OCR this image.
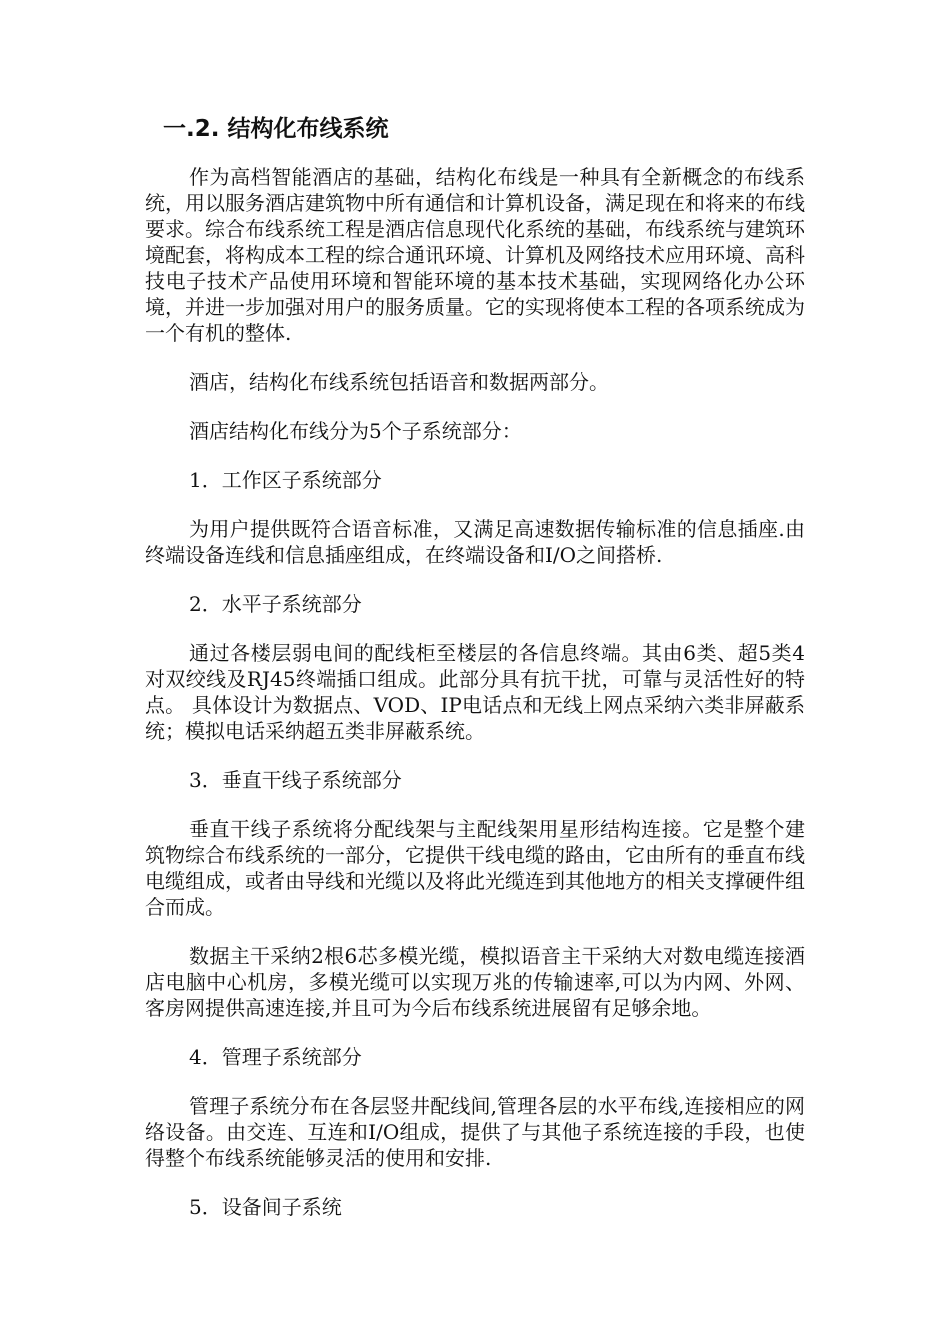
一.2. 结构化布线系统

作为高档智能酒店的基础，结构化布线是一种具有全新概念的布线系统，用以服务酒店建筑物中所有通信和计算机设备，满足现在和将来的布线要求。综合布线系统工程是酒店信息现代化系统的基础，布线系统与建筑环境配套，将构成本工程的综合通讯环境、计算机及网络技术应用环境、高科技电子技术产品使用环境和智能环境的基本技术基础，实现网络化办公环境，并进一步加强对用户的服务质量。它的实现将使本工程的各项系统成为一个有机的整体.

酒店，结构化布线系统包括语音和数据两部分。

酒店结构化布线分为5个子系统部分：

1．工作区子系统部分

为用户提供既符合语音标准，又满足高速数据传输标准的信息插座.由终端设备连线和信息插座组成，在终端设备和I/O之间搭桥.

2．水平子系统部分

通过各楼层弱电间的配线柜至楼层的各信息终端。其由6类、超5类4对双绞线及RJ45终端插口组成。此部分具有抗干扰，可靠与灵活性好的特点。 具体设计为数据点、VOD、IP电话点和无线上网点采纳六类非屏蔽系统；模拟电话采纳超五类非屏蔽系统。

3．垂直干线子系统部分

垂直干线子系统将分配线架与主配线架用星形结构连接。它是整个建筑物综合布线系统的一部分，它提供干线电缆的路由，它由所有的垂直布线电缆组成，或者由导线和光缆以及将此光缆连到其他地方的相关支撑硬件组合而成。

数据主干采纳2根6芯多模光缆，模拟语音主干采纳大对数电缆连接酒店电脑中心机房，多模光缆可以实现万兆的传输速率,可以为内网、外网、客房网提供高速连接,并且可为今后布线系统进展留有足够余地。

4．管理子系统部分

管理子系统分布在各层竖井配线间,管理各层的水平布线,连接相应的网络设备。由交连、互连和I/O组成，提供了与其他子系统连接的手段，也使得整个布线系统能够灵活的使用和安排.

5．设备间子系统
